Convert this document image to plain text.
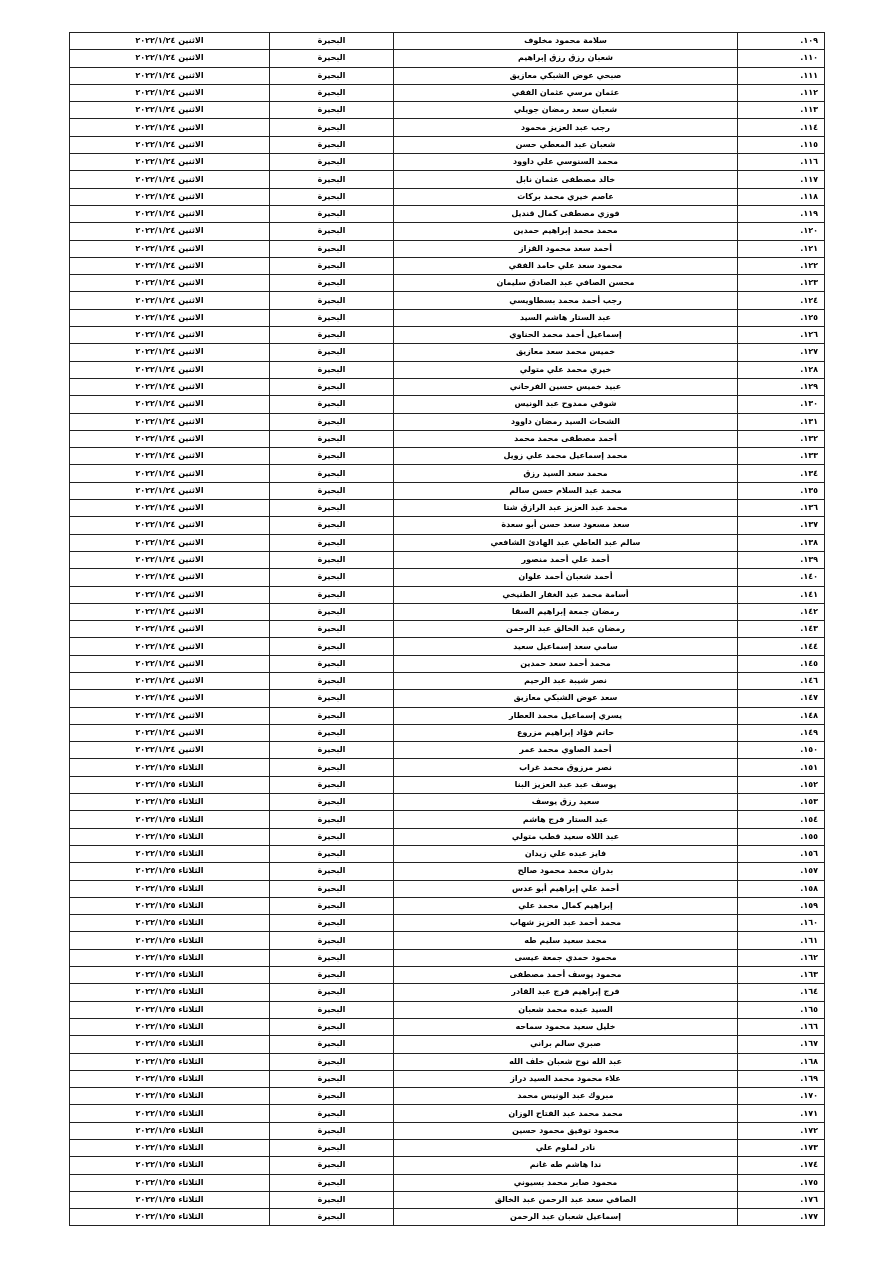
الاثنين ٢٠٢٢/١/٢٤	البحيرة	سلامة محمود مخلوف	١٠٩.
الاثنين ٢٠٢٢/١/٢٤	البحيرة	شعبان رزق رزق إبراهيم	١١٠.
الاثنين ٢٠٢٢/١/٢٤	البحيرة	صبحي عوض الشبكي معازيق	١١١.
الاثنين ٢٠٢٢/١/٢٤	البحيرة	عثمان مرسي عثمان الفقي	١١٢.
الاثنين ٢٠٢٢/١/٢٤	البحيرة	شعبان سعد رمضان جويلي	١١٣.
الاثنين ٢٠٢٢/١/٢٤	البحيرة	رجب عبد العزيز محمود	١١٤.
الاثنين ٢٠٢٢/١/٢٤	البحيرة	شعبان عبد المعطي حسن	١١٥.
الاثنين ٢٠٢٢/١/٢٤	البحيرة	محمد السنوسي علي داوود	١١٦.
الاثنين ٢٠٢٢/١/٢٤	البحيرة	خالد مصطفى عثمان نابل	١١٧.
الاثنين ٢٠٢٢/١/٢٤	البحيرة	عاصم خيري محمد بركات	١١٨.
الاثنين ٢٠٢٢/١/٢٤	البحيرة	فوزي مصطفى كمال قنديل	١١٩.
الاثنين ٢٠٢٢/١/٢٤	البحيرة	محمد محمد إبراهيم حمدين	١٢٠.
الاثنين ٢٠٢٢/١/٢٤	البحيرة	أحمد سعد محمود القزاز	١٢١.
الاثنين ٢٠٢٢/١/٢٤	البحيرة	محمود سعد علي حامد الفقي	١٢٢.
الاثنين ٢٠٢٢/١/٢٤	البحيرة	محسن الصافي عبد الصادق سليمان	١٢٣.
الاثنين ٢٠٢٢/١/٢٤	البحيرة	رجب أحمد محمد بسطاويسي	١٢٤.
الاثنين ٢٠٢٢/١/٢٤	البحيرة	عبد الستار هاشم السيد	١٢٥.
الاثنين ٢٠٢٢/١/٢٤	البحيرة	إسماعيل أحمد محمد الحناوي	١٢٦.
الاثنين ٢٠٢٢/١/٢٤	البحيرة	خميس محمد سعد معازيق	١٢٧.
الاثنين ٢٠٢٢/١/٢٤	البحيرة	خيري محمد علي متولي	١٢٨.
الاثنين ٢٠٢٢/١/٢٤	البحيرة	عبيد خميس حسين الفرحاني	١٢٩.
الاثنين ٢٠٢٢/١/٢٤	البحيرة	شوقي ممدوح عبد الونيس	١٣٠.
الاثنين ٢٠٢٢/١/٢٤	البحيرة	الشحات السيد رمضان داوود	١٣١.
الاثنين ٢٠٢٢/١/٢٤	البحيرة	أحمد مصطفى محمد محمد	١٣٢.
الاثنين ٢٠٢٢/١/٢٤	البحيرة	محمد إسماعيل محمد علي زويل	١٣٣.
الاثنين ٢٠٢٢/١/٢٤	البحيرة	محمد سعد السيد رزق	١٣٤.
الاثنين ٢٠٢٢/١/٢٤	البحيرة	محمد عبد السلام حسن سالم	١٣٥.
الاثنين ٢٠٢٢/١/٢٤	البحيرة	محمد عبد العزيز عبد الرازق شتا	١٣٦.
الاثنين ٢٠٢٢/١/٢٤	البحيرة	سعد مسعود سعد حسن أبو سعدة	١٣٧.
الاثنين ٢٠٢٢/١/٢٤	البحيرة	سالم عبد العاطي عبد الهادئ الشافعي	١٣٨.
الاثنين ٢٠٢٢/١/٢٤	البحيرة	أحمد علي أحمد منصور	١٣٩.
الاثنين ٢٠٢٢/١/٢٤	البحيرة	أحمد شعبان أحمد علوان	١٤٠.
الاثنين ٢٠٢٢/١/٢٤	البحيرة	أسامة محمد عبد الغفار الطنيخي	١٤١.
الاثنين ٢٠٢٢/١/٢٤	البحيرة	رمضان جمعة إبراهيم السقا	١٤٢.
الاثنين ٢٠٢٢/١/٢٤	البحيرة	رمضان عبد الخالق عبد الرحمن	١٤٣.
الاثنين ٢٠٢٢/١/٢٤	البحيرة	سامي سعد إسماعيل سعيد	١٤٤.
الاثنين ٢٠٢٢/١/٢٤	البحيرة	محمد أحمد سعد حمدين	١٤٥.
الاثنين ٢٠٢٢/١/٢٤	البحيرة	نصر شيبة عبد الرحيم	١٤٦.
الاثنين ٢٠٢٢/١/٢٤	البحيرة	سعد عوض الشبكي معازيق	١٤٧.
الاثنين ٢٠٢٢/١/٢٤	البحيرة	يسري إسماعيل محمد العطار	١٤٨.
الاثنين ٢٠٢٢/١/٢٤	البحيرة	حاتم فؤاد إبراهيم مزروع	١٤٩.
الاثنين ٢٠٢٢/١/٢٤	البحيرة	أحمد الصاوي محمد عمر	١٥٠.
الثلاثاء ٢٠٢٢/١/٢٥	البحيرة	نصر مرزوق محمد غراب	١٥١.
الثلاثاء ٢٠٢٢/١/٢٥	البحيرة	يوسف عبد عبد العزيز البنا	١٥٢.
الثلاثاء ٢٠٢٢/١/٢٥	البحيرة	سعيد رزق يوسف	١٥٣.
الثلاثاء ٢٠٢٢/١/٢٥	البحيرة	عبد الستار فرج هاشم	١٥٤.
الثلاثاء ٢٠٢٢/١/٢٥	البحيرة	عبد اللاه سعيد قطب متولي	١٥٥.
الثلاثاء ٢٠٢٢/١/٢٥	البحيرة	فايز عبده علي زيدان	١٥٦.
الثلاثاء ٢٠٢٢/١/٢٥	البحيرة	بدران محمد محمود صالح	١٥٧.
الثلاثاء ٢٠٢٢/١/٢٥	البحيرة	أحمد علي إبراهيم أبو عدس	١٥٨.
الثلاثاء ٢٠٢٢/١/٢٥	البحيرة	إبراهيم كمال محمد علي	١٥٩.
الثلاثاء ٢٠٢٢/١/٢٥	البحيرة	محمد أحمد عبد العزيز شهاب	١٦٠.
الثلاثاء ٢٠٢٢/١/٢٥	البحيرة	محمد سعيد سليم طه	١٦١.
الثلاثاء ٢٠٢٢/١/٢٥	البحيرة	محمود حمدي جمعة عيسى	١٦٢.
الثلاثاء ٢٠٢٢/١/٢٥	البحيرة	محمود يوسف أحمد مصطفى	١٦٣.
الثلاثاء ٢٠٢٢/١/٢٥	البحيرة	فرج إبراهيم فرج عبد القادر	١٦٤.
الثلاثاء ٢٠٢٢/١/٢٥	البحيرة	السيد عبده محمد شعبان	١٦٥.
الثلاثاء ٢٠٢٢/١/٢٥	البحيرة	خليل سعيد محمود سماحه	١٦٦.
الثلاثاء ٢٠٢٢/١/٢٥	البحيرة	صبري سالم براني	١٦٧.
الثلاثاء ٢٠٢٢/١/٢٥	البحيرة	عبد الله نوح شعبان خلف الله	١٦٨.
الثلاثاء ٢٠٢٢/١/٢٥	البحيرة	علاء محمود محمد السيد دراز	١٦٩.
الثلاثاء ٢٠٢٢/١/٢٥	البحيرة	مبروك عبد الونيس محمد	١٧٠.
الثلاثاء ٢٠٢٢/١/٢٥	البحيرة	محمد محمد عبد الفتاح الوزان	١٧١.
الثلاثاء ٢٠٢٢/١/٢٥	البحيرة	محمود توفيق محمود حسين	١٧٢.
الثلاثاء ٢٠٢٢/١/٢٥	البحيرة	نادر لملوم علي	١٧٣.
الثلاثاء ٢٠٢٢/١/٢٥	البحيرة	ندا هاشم طه غانم	١٧٤.
الثلاثاء ٢٠٢٢/١/٢٥	البحيرة	محمود صابر محمد بسيوني	١٧٥.
الثلاثاء ٢٠٢٢/١/٢٥	البحيرة	الصافي سعد عبد الرحمن عبد الخالق	١٧٦.
الثلاثاء ٢٠٢٢/١/٢٥	البحيرة	إسماعيل شعبان عبد الرحمن	١٧٧.
